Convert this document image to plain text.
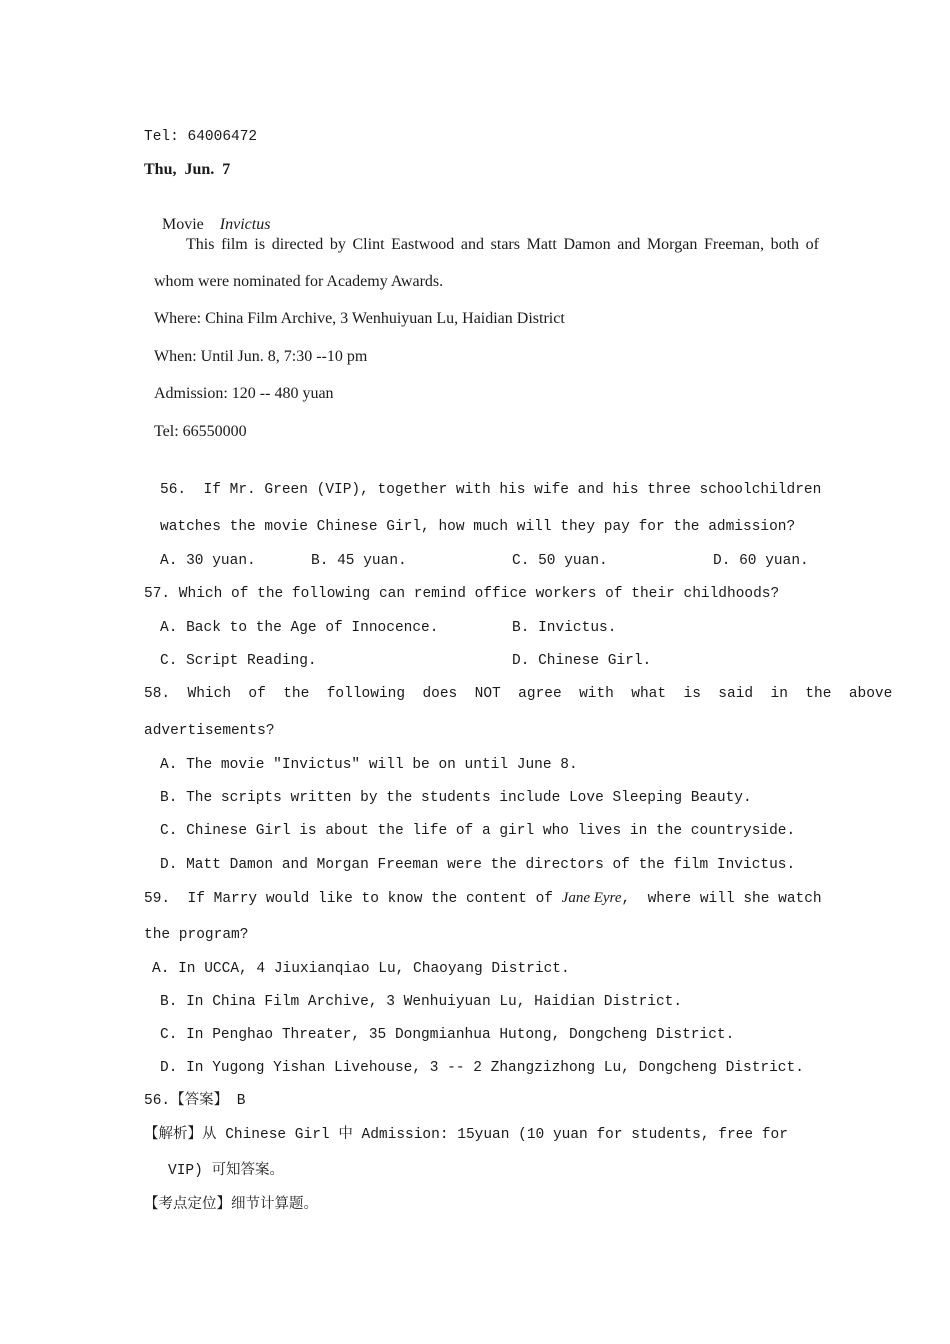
Tel: 64006472
Thu,  Jun.  7

Movie Invictus

This film is directed by Clint Eastwood and stars Matt Damon and Morgan Freeman, both of
whom were nominated for Academy Awards.
Where: China Film Archive, 3 Wenhuiyuan Lu, Haidian District
When: Until Jun. 8, 7:30 --10 pm
Admission: 120 -- 480 yuan
Tel: 66550000
56.  If Mr. Green (VIP), together with his wife and his three schoolchildren
watches the movie Chinese Girl, how much will they pay for the admission?
A. 30 yuan.	B. 45 yuan.	C. 50 yuan.	D. 60 yuan.
57. Which of the following can remind office workers of their childhoods?
A. Back to the Age of Innocence.	B. Invictus.
C. Script Reading.	D. Chinese Girl.
58.  Which  of  the  following  does  NOT  agree  with  what  is  said  in  the  above
advertisements?
A. The movie "Invictus" will be on until June 8.
B. The scripts written by the students include Love Sleeping Beauty.
C. Chinese Girl is about the life of a girl who lives in the countryside.
D. Matt Damon and Morgan Freeman were the directors of the film Invictus.
59.  If Marry would like to know the content of Jane Eyre,  where will she watch
the program?
A. In UCCA, 4 Jiuxianqiao Lu, Chaoyang District.
B. In China Film Archive, 3 Wenhuiyuan Lu, Haidian District.
C. In Penghao Threater, 35 Dongmianhua Hutong, Dongcheng District.
D. In Yugong Yishan Livehouse, 3 -- 2 Zhangzizhong Lu, Dongcheng District.
56.【答案】 B
【解析】从 Chinese Girl 中 Admission: 15yuan (10 yuan for students, free for
VIP) 可知答案。
【考点定位】细节计算题。
